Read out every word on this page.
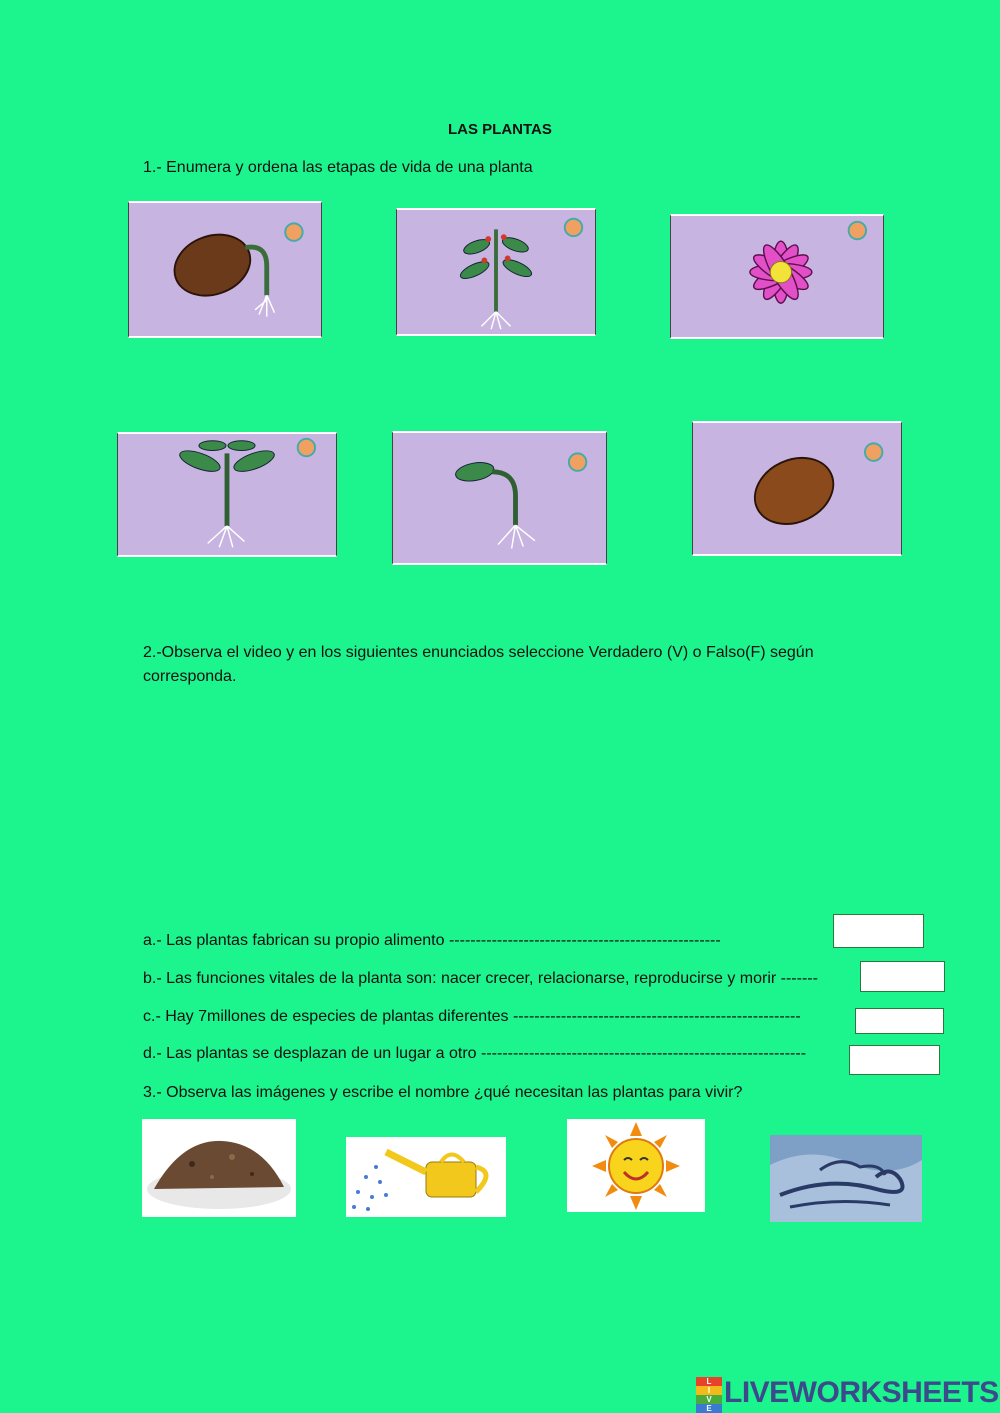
LAS PLANTAS
1.- Enumera y ordena las etapas de vida de una planta
2.-Observa el video y en los siguientes enunciados seleccione Verdadero (V) o Falso(F) según
corresponda.
a.- Las plantas fabrican su propio alimento ---------------------------------------------------
b.- Las funciones vitales de la planta son: nacer crecer, relacionarse, reproducirse y morir -------
c.- Hay 7millones de especies de plantas diferentes ------------------------------------------------------
d.- Las plantas se desplazan de un lugar a otro -------------------------------------------------------------
3.- Observa las imágenes y escribe el nombre ¿qué necesitan las plantas para vivir?
L
I
V
E LIVEWORKSHEETS
